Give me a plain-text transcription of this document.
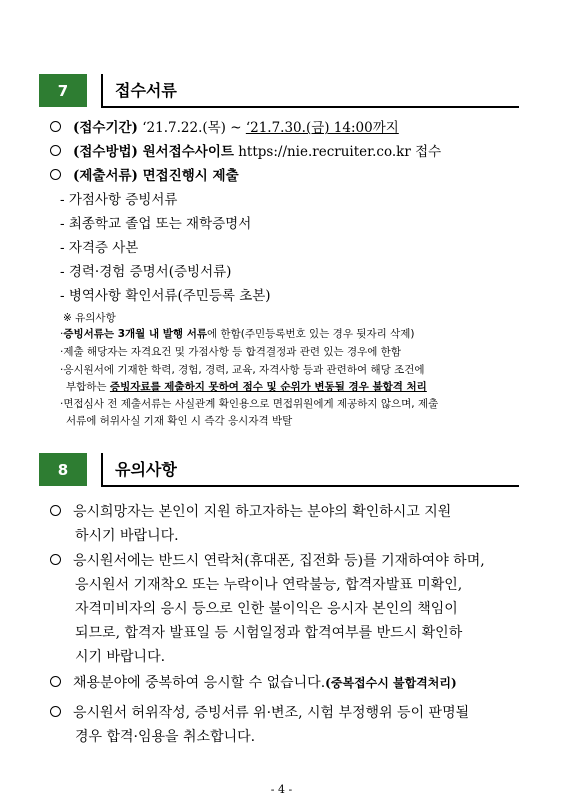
7	접수서류
(접수기간) ‘21.7.22.(목) ~ ‘21.7.30.(금) 14:00까지
(접수방법) 원서접수사이트 https://nie.recruiter.co.kr 접수
(제출서류) 면접진행시 제출
- 가점사항 증빙서류
- 최종학교 졸업 또는 재학증명서
- 자격증 사본
- 경력·경험 증명서(증빙서류)
- 병역사항 확인서류(주민등록 초본)
※ 유의사항
·증빙서류는 3개월 내 발행 서류에 한함(주민등록번호 있는 경우 뒷자리 삭제)
·제출 해당자는 자격요건 및 가점사항 등 합격결정과 관련 있는 경우에 한함
·응시원서에 기재한 학력, 경험, 경력, 교육, 자격사항 등과 관련하여 해당 조건에
부합하는 증빙자료를 제출하지 못하여 점수 및 순위가 변동될 경우 불합격 처리
·면접심사 전 제출서류는 사실관계 확인용으로 면접위원에게 제공하지 않으며, 제출
서류에 허위사실 기재 확인 시 즉각 응시자격 박탈
8	유의사항
응시희망자는 본인이 지원 하고자하는 분야의 확인하시고 지원
하시기 바랍니다.
응시원서에는 반드시 연락처(휴대폰, 집전화 등)를 기재하여야 하며,
응시원서 기재착오 또는 누락이나 연락불능, 합격자발표 미확인,
자격미비자의 응시 등으로 인한 불이익은 응시자 본인의 책임이
되므로, 합격자 발표일 등 시험일정과 합격여부를 반드시 확인하
시기 바랍니다.
채용분야에 중복하여 응시할 수 없습니다.(중복접수시 불합격처리)
응시원서 허위작성, 증빙서류 위·변조, 시험 부정행위 등이 판명될
경우 합격·임용을 취소합니다.
- 4 -
